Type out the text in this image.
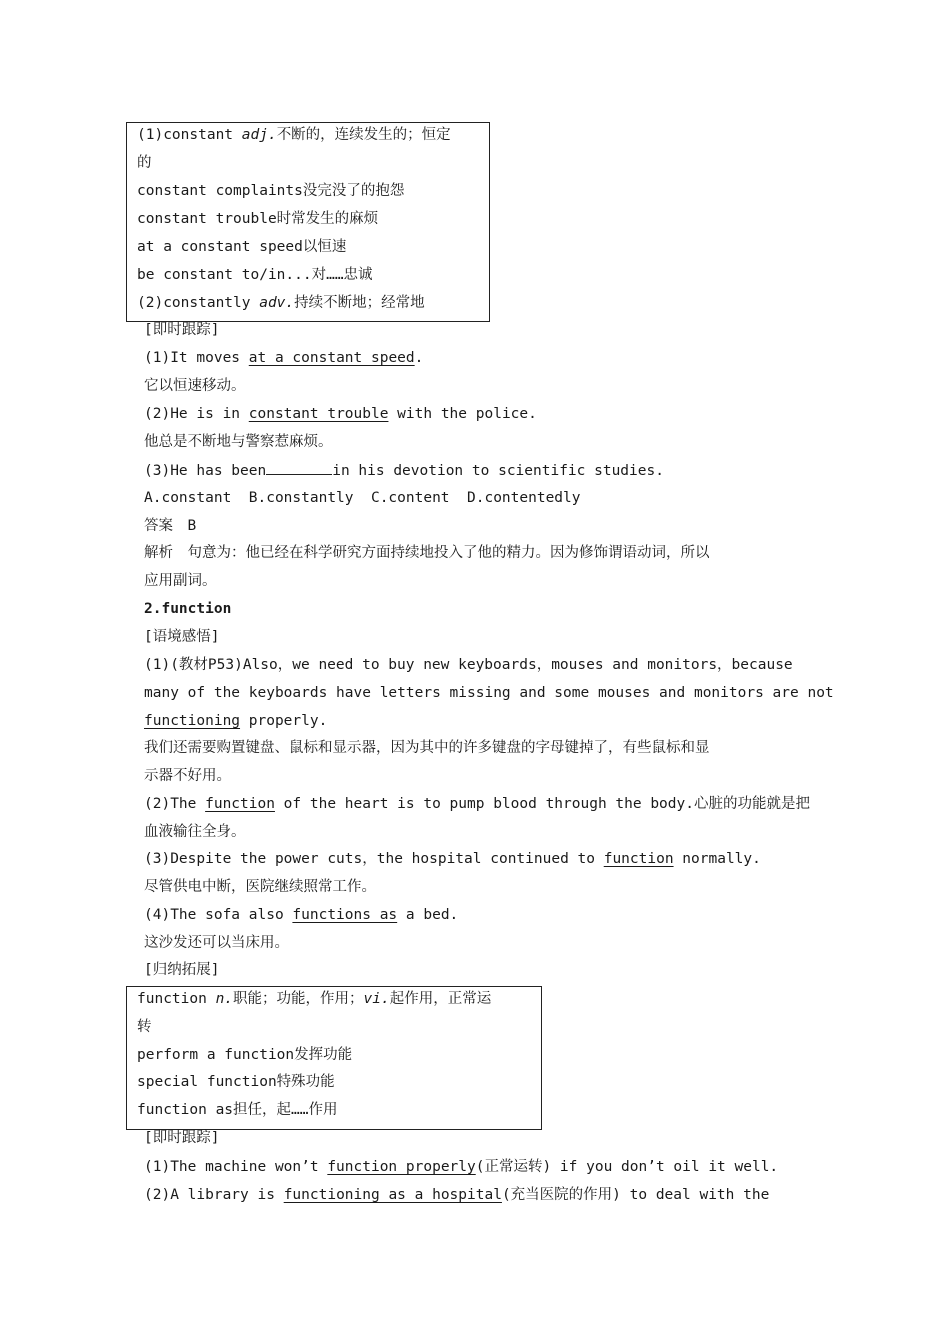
(1)constant adj.不断的，连续发生的；恒定
的
constant complaints没完没了的抱怨
constant trouble时常发生的麻烦
at a constant speed以恒速
be constant to/in...对……忠诚
(2)constantly adv.持续不断地；经常地
[即时跟踪]
(1)It moves at a constant speed.
它以恒速移动。
(2)He is in constant trouble with the police.
他总是不断地与警察惹麻烦。
(3)He has been	in his devotion to scientific studies.
A.constant  B.constantly  C.content  D.contentedly
答案　B
解析　句意为：他已经在科学研究方面持续地投入了他的精力。因为修饰谓语动词，所以
应用副词。
2.function
[语境感悟]
(1)(教材P53)Also，we need to buy new keyboards，mouses and monitors，because
many of the keyboards have letters missing and some mouses and monitors are not
functioning properly.
我们还需要购置键盘、鼠标和显示器，因为其中的许多键盘的字母键掉了，有些鼠标和显
示器不好用。
(2)The function of the heart is to pump blood through the body.心脏的功能就是把
血液输往全身。
(3)Despite the power cuts，the hospital continued to function normally.
尽管供电中断，医院继续照常工作。
(4)The sofa also functions as a bed.
这沙发还可以当床用。
[归纳拓展]
function n.职能；功能，作用；vi.起作用，正常运
转
perform a function发挥功能
special function特殊功能
function as担任，起……作用
[即时跟踪]
(1)The machine won’t function properly(正常运转) if you don’t oil it well.
(2)A library is functioning as a hospital(充当医院的作用) to deal with the
